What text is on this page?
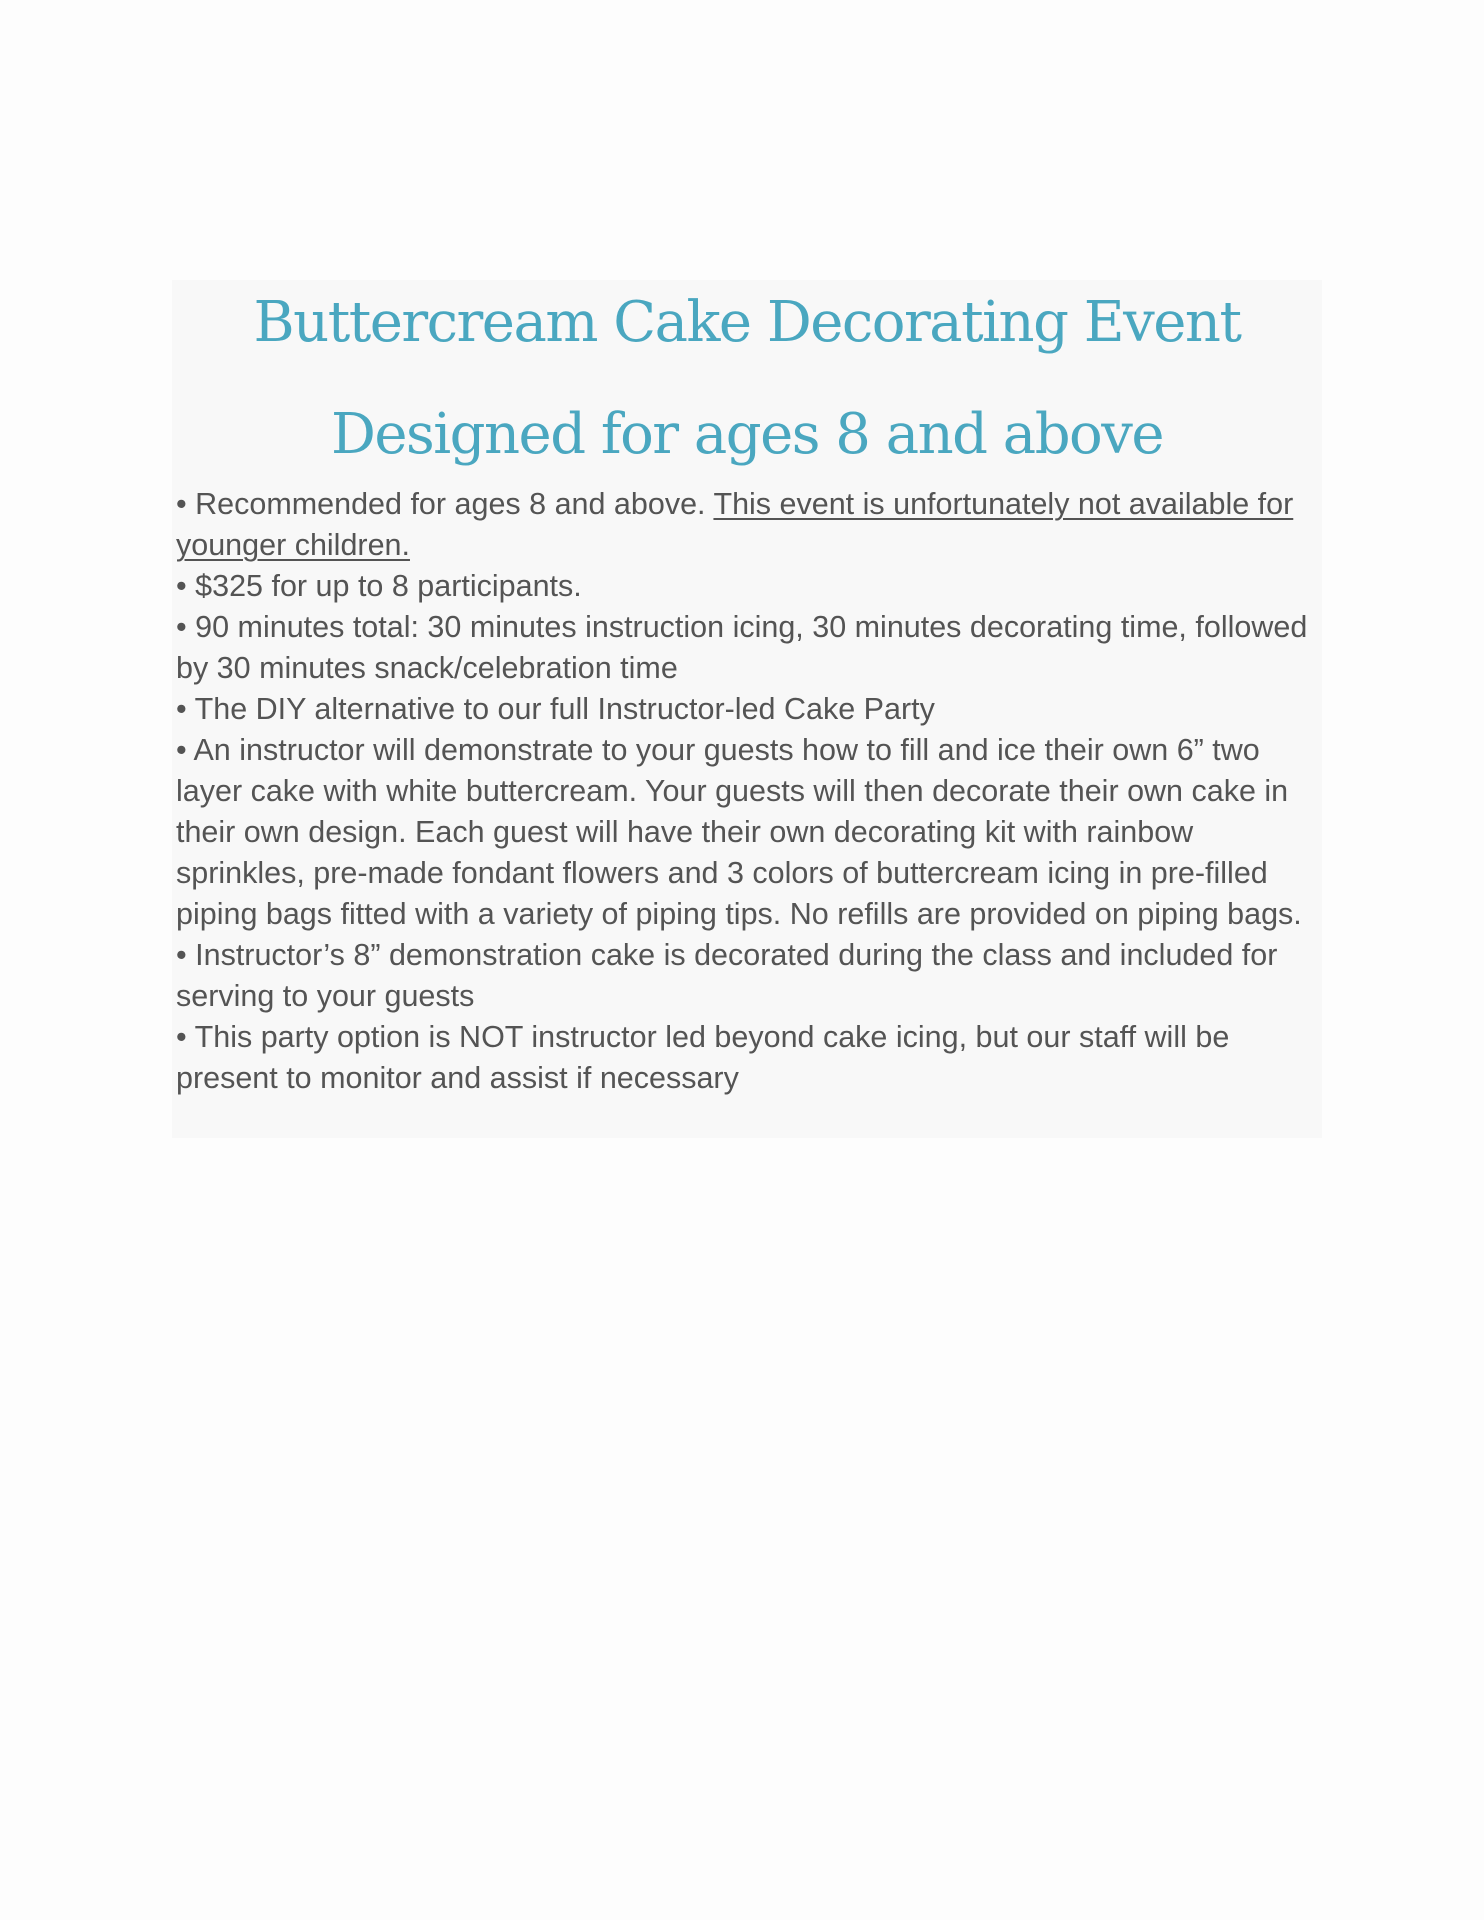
Buttercream Cake Decorating Event
Designed for ages 8 and above

• Recommended for ages 8 and above. This event is unfortunately not available for younger children.

• $325 for up to 8 participants.

• 90 minutes total: 30 minutes instruction icing, 30 minutes decorating time, followed by 30 minutes snack/celebration time

• The DIY alternative to our full Instructor-led Cake Party

• An instructor will demonstrate to your guests how to fill and ice their own 6” two layer cake with white buttercream. Your guests will then decorate their own cake in their own design. Each guest will have their own decorating kit with rainbow sprinkles, pre-made fondant flowers and 3 colors of buttercream icing in pre-filled piping bags fitted with a variety of piping tips. No refills are provided on piping bags.

• Instructor’s 8” demonstration cake is decorated during the class and included for serving to your guests

• This party option is NOT instructor led beyond cake icing, but our staff will be present to monitor and assist if necessary
